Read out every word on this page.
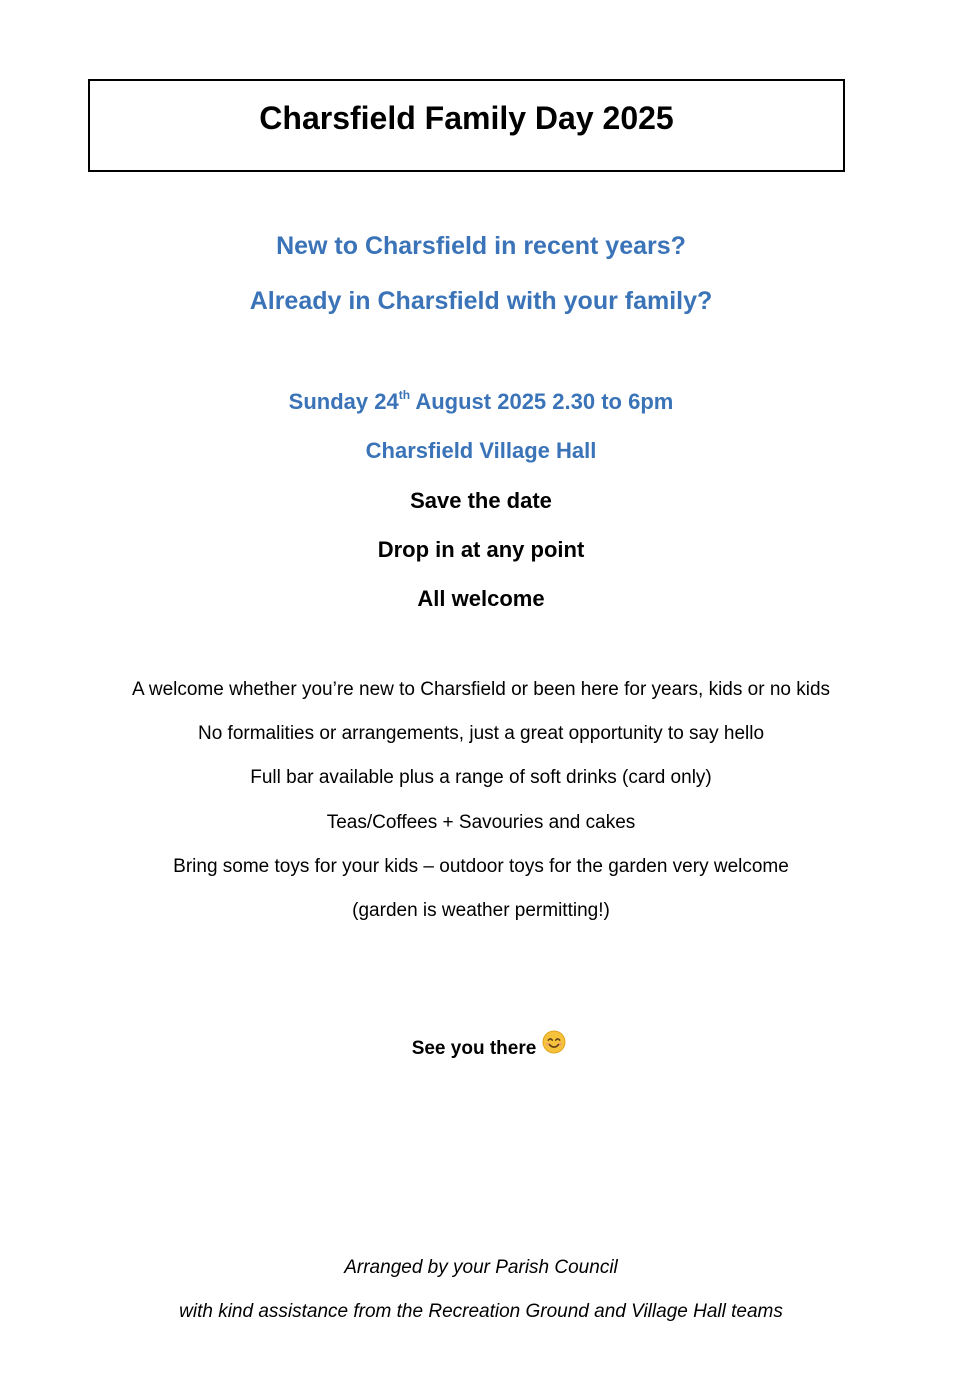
Charsfield Family Day 2025
New to Charsfield in recent years?
Already in Charsfield with your family?
Sunday 24th August 2025 2.30 to 6pm
Charsfield Village Hall
Save the date
Drop in at any point
All welcome
A welcome whether you’re new to Charsfield or been here for years, kids or no kids
No formalities or arrangements, just a great opportunity to say hello
Full bar available plus a range of soft drinks (card only)
Teas/Coffees + Savouries and cakes
Bring some toys for your kids – outdoor toys for the garden very welcome
(garden is weather permitting!)
See you there
Arranged by your Parish Council
with kind assistance from the Recreation Ground and Village Hall teams
